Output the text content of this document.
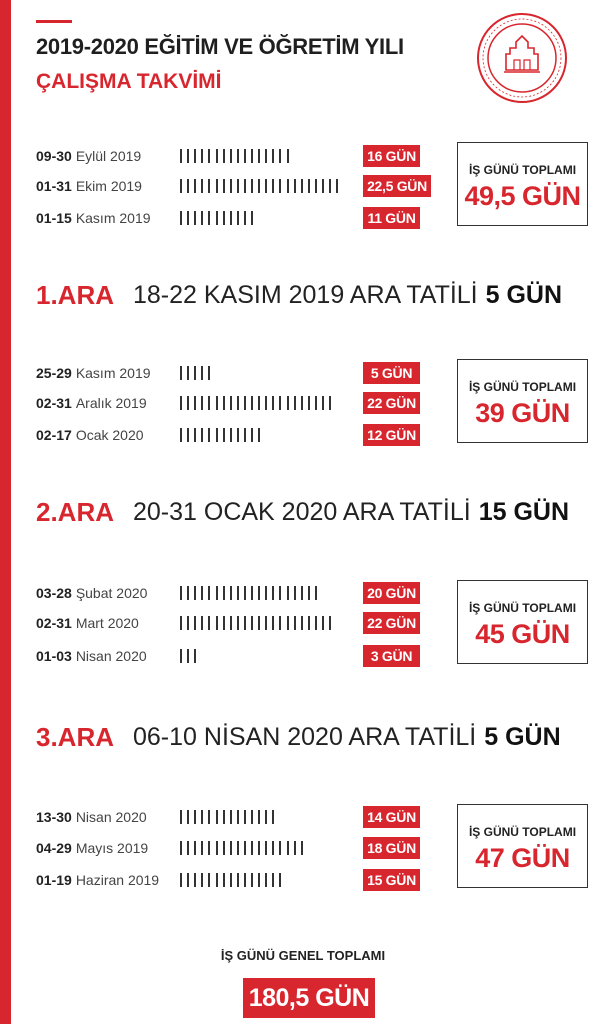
2019-2020 EĞİTİM VE ÖĞRETİM YILI
ÇALIŞMA TAKVİMİ
09-30 Eylül 2019	16 GÜN
01-31 Ekim 2019	22,5 GÜN
01-15 Kasım 2019	11 GÜN
İŞ GÜNÜ TOPLAMI
49,5 GÜN
1.ARA 18-22 KASIM 2019 ARA TATİLİ 5 GÜN
25-29 Kasım 2019	5 GÜN
02-31 Aralık 2019	22 GÜN
02-17 Ocak 2020	12 GÜN
İŞ GÜNÜ TOPLAMI
39 GÜN
2.ARA 20-31 OCAK 2020 ARA TATİLİ 15 GÜN
03-28 Şubat 2020	20 GÜN
02-31 Mart 2020	22 GÜN
01-03 Nisan 2020	3 GÜN
İŞ GÜNÜ TOPLAMI
45 GÜN
3.ARA 06-10 NİSAN 2020 ARA TATİLİ 5 GÜN
13-30 Nisan 2020	14 GÜN
04-29 Mayıs 2019	18 GÜN
01-19 Haziran 2019	15 GÜN
İŞ GÜNÜ TOPLAMI
47 GÜN
İŞ GÜNÜ GENEL TOPLAMI
180,5 GÜN
